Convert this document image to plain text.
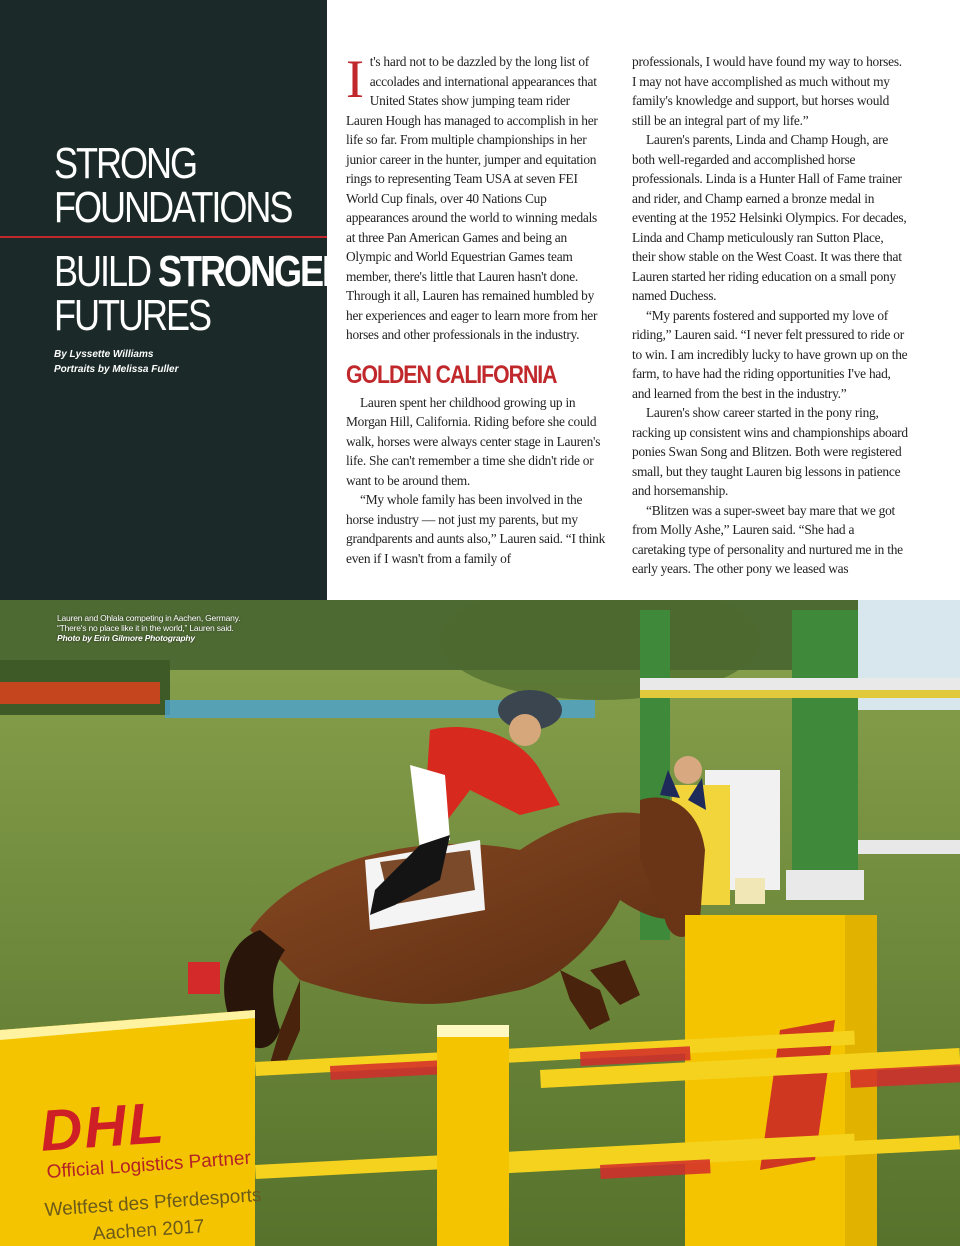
STRONG
FOUNDATIONS
BUILD STRONGER
FUTURES
By Lyssette Williams
Portraits by Melissa Fuller

It's hard not to be dazzled by the long list of accolades and international appearances that United States show jumping team rider Lauren Hough has managed to accomplish in her life so far. From multiple championships in her junior career in the hunter, jumper and equitation rings to representing Team USA at seven FEI World Cup finals, over 40 Nations Cup appearances around the world to winning medals at three Pan American Games and being an Olympic and World Equestrian Games team member, there's little that Lauren hasn't done. Through it all, Lauren has remained humbled by her experiences and eager to learn more from her horses and other professionals in the industry.

GOLDEN CALIFORNIA

Lauren spent her childhood growing up in Morgan Hill, California. Riding before she could walk, horses were always center stage in Lauren's life. She can't remember a time she didn't ride or want to be around them.

“My whole family has been involved in the horse industry — not just my parents, but my grandparents and aunts also,” Lauren said. “I think even if I wasn't from a family of

professionals, I would have found my way to horses. I may not have accomplished as much without my family's knowledge and support, but horses would still be an integral part of my life.”

Lauren's parents, Linda and Champ Hough, are both well-regarded and accomplished horse professionals. Linda is a Hunter Hall of Fame trainer and rider, and Champ earned a bronze medal in eventing at the 1952 Helsinki Olympics. For decades, Linda and Champ meticulously ran Sutton Place, their show stable on the West Coast. It was there that Lauren started her riding education on a small pony named Duchess.

“My parents fostered and supported my love of riding,” Lauren said. “I never felt pressured to ride or to win. I am incredibly lucky to have grown up on the farm, to have had the riding opportunities I've had, and learned from the best in the industry.”

Lauren's show career started in the pony ring, racking up consistent wins and championships aboard ponies Swan Song and Blitzen. Both were registered small, but they taught Lauren big lessons in patience and horsemanship.

“Blitzen was a super-sweet bay mare that we got from Molly Ashe,” Lauren said. “She had a caretaking type of personality and nurtured me in the early years. The other pony we leased was

DHL
Official Logistics Partner
Weltfest des Pferdesports
Aachen 2017
Lauren and Ohlala competing in Aachen, Germany.
“There's no place like it in the world,” Lauren said.
Photo by Erin Gilmore Photography
